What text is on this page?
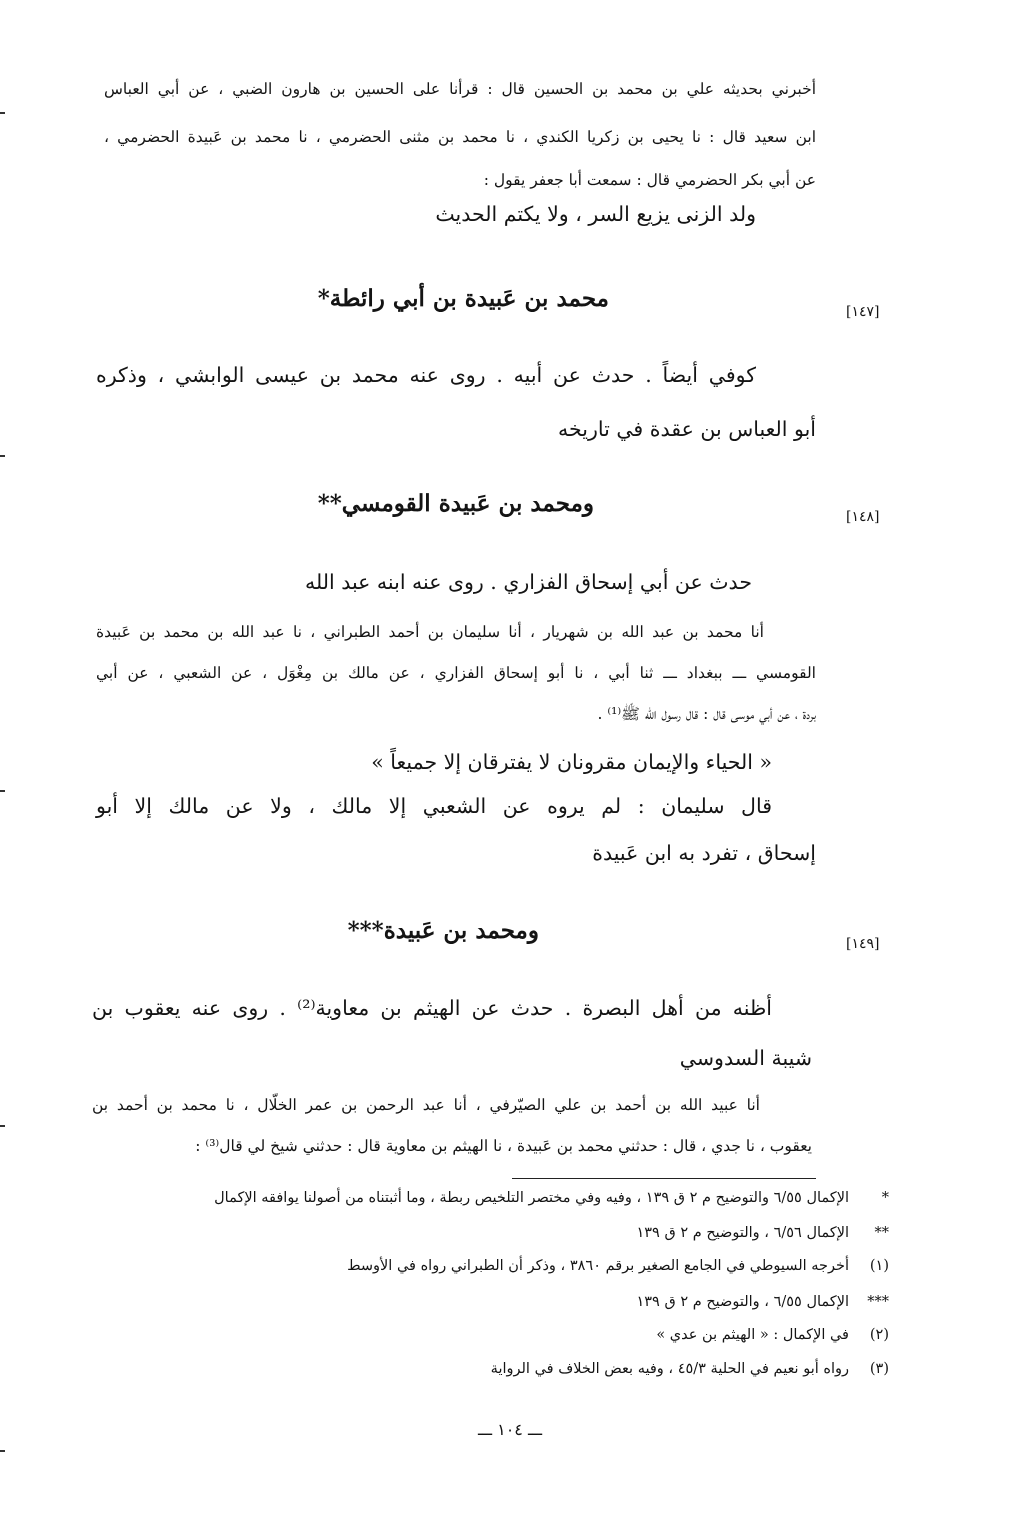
أخبرني بحديثه علي بن محمد بن الحسين قال : قرأنا على الحسين بن هارون الضبي ، عن أبي العباس
ابن سعيد قال : نا يحيى بن زكريا الكندي ، نا محمد بن مثنى الحضرمي ، نا محمد بن عَبيدة الحضرمي ،
عن أبي بكر الحضرمي قال : سمعت أبا جعفر يقول :
ولد الزنى يزيع السر ، ولا يكتم الحديث
[١٤٧]
محمد بن عَبيدة بن أبي رائطة*
كوفي أيضاً . حدث عن أبيه . روى عنه محمد بن عيسى الوابشي ، وذكره
أبو العباس بن عقدة في تاريخه
[١٤٨]
ومحمد بن عَبيدة القومسي**
حدث عن أبي إسحاق الفزاري . روى عنه ابنه عبد الله
أنا محمد بن عبد الله بن شهريار ، أنا سليمان بن أحمد الطبراني ، نا عبد الله بن محمد بن عَبيدة
القومسي ـــ ببغداد ـــ ثنا أبي ، نا أبو إسحاق الفزاري ، عن مالك بن مِغْوَل ، عن الشعبي ، عن أبي
بردة ، عن أبي موسى قال : قال رسول الله ﷺ⁽¹⁾ .
« الحياء والإيمان مقرونان لا يفترقان إلا جميعاً »
قال سليمان : لم يروه عن الشعبي إلا مالك ، ولا عن مالك إلا أبو
إسحاق ، تفرد به ابن عَبيدة
[١٤٩]
ومحمد بن عَبيدة***
أظنه من أهل البصرة . حدث عن الهيثم بن معاوية⁽²⁾ . روى عنه يعقوب بن
شيبة السدوسي
أنا عبيد الله بن أحمد بن علي الصيّرفي ، أنا عبد الرحمن بن عمر الخلّال ، نا محمد بن أحمد بن
يعقوب ، نا جدي ، قال : حدثني محمد بن عَبيدة ، نا الهيثم بن معاوية قال : حدثني شيخ لي قال⁽³⁾ :
*
الإكمال ٦/٥٥ والتوضيح م ٢ ق ١٣٩ ، وفيه وفي مختصر التلخيص ربطة ، وما أثبتناه من أصولنا يوافقه الإكمال
**
الإكمال ٦/٥٦ ، والتوضيح م ٢ ق ١٣٩
(١)
أخرجه السيوطي في الجامع الصغير برقم ٣٨٦٠ ، وذكر أن الطبراني رواه في الأوسط
***
الإكمال ٦/٥٥ ، والتوضيح م ٢ ق ١٣٩
(٢)
في الإكمال : « الهيثم بن عدي »
(٣)
رواه أبو نعيم في الحلية ٤٥/٣ ، وفيه بعض الخلاف في الرواية
ـــ ١٠٤ ـــ
